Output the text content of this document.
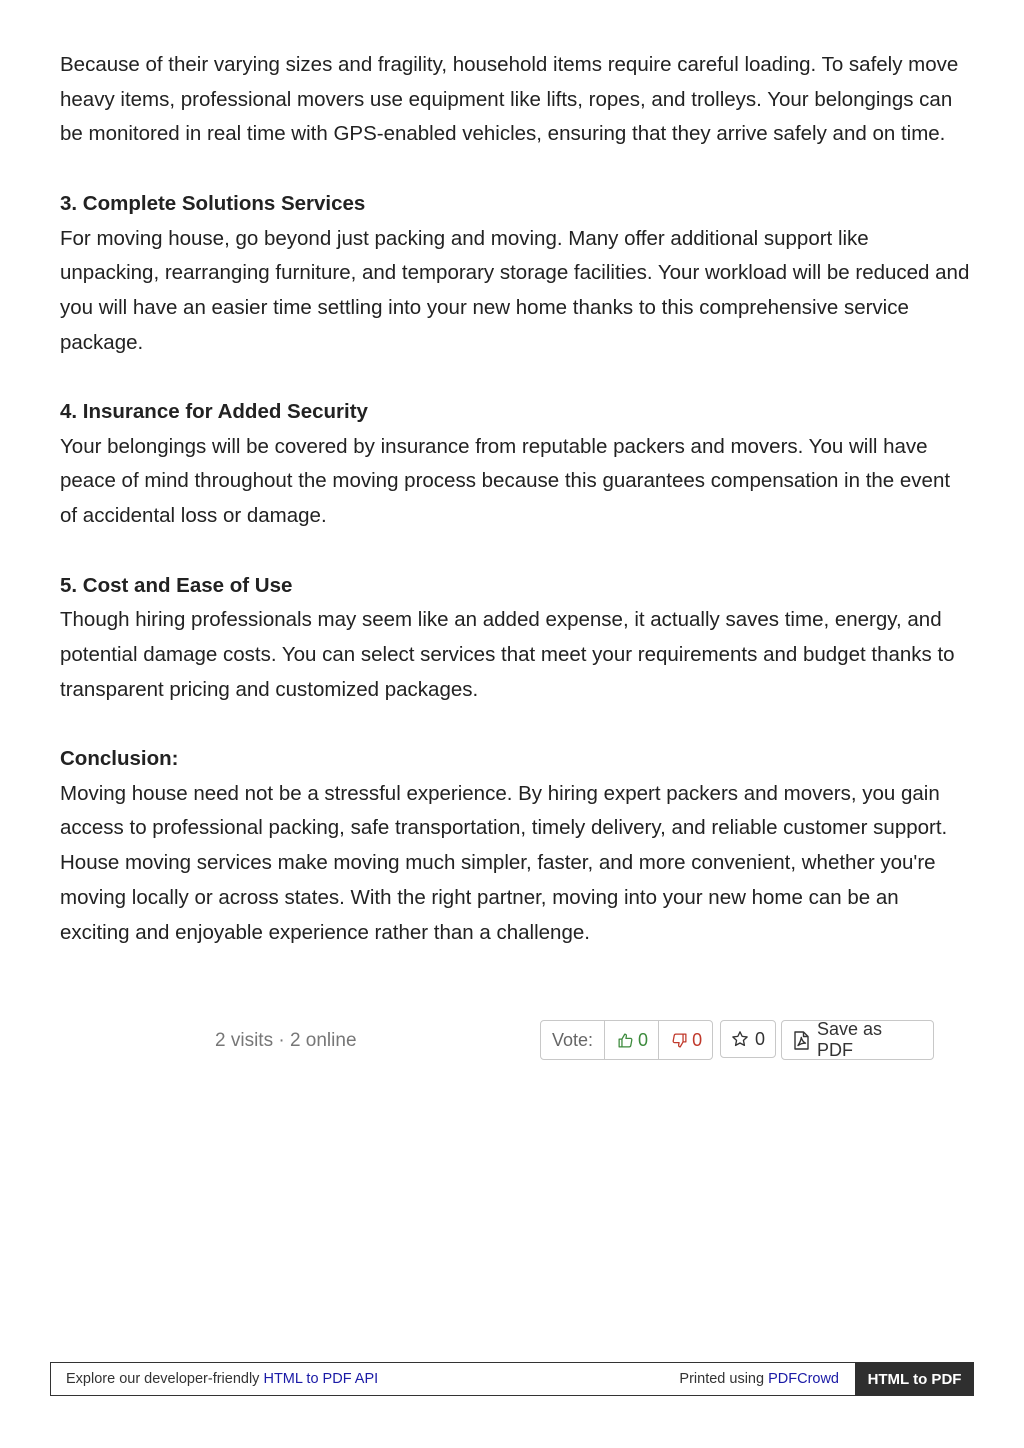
Because of their varying sizes and fragility, household items require careful loading. To safely move heavy items, professional movers use equipment like lifts, ropes, and trolleys. Your belongings can be monitored in real time with GPS-enabled vehicles, ensuring that they arrive safely and on time.

3. Complete Solutions Services

For moving house, go beyond just packing and moving. Many offer additional support like unpacking, rearranging furniture, and temporary storage facilities. Your workload will be reduced and you will have an easier time settling into your new home thanks to this comprehensive service package.

4. Insurance for Added Security

Your belongings will be covered by insurance from reputable packers and movers. You will have peace of mind throughout the moving process because this guarantees compensation in the event of accidental loss or damage.

5. Cost and Ease of Use

Though hiring professionals may seem like an added expense, it actually saves time, energy, and potential damage costs. You can select services that meet your requirements and budget thanks to transparent pricing and customized packages.

Conclusion:

Moving house need not be a stressful experience. By hiring expert packers and movers, you gain access to professional packing, safe transportation, timely delivery, and reliable customer support. House moving services make moving much simpler, faster, and more convenient, whether you're moving locally or across states. With the right partner, moving into your new home can be an exciting and enjoyable experience rather than a challenge.

2 visits · 2 online	Vote:	0 0	0	Save as PDF
Explore our developer-friendly HTML to PDF API	Printed using PDFCrowd	HTML to PDF
